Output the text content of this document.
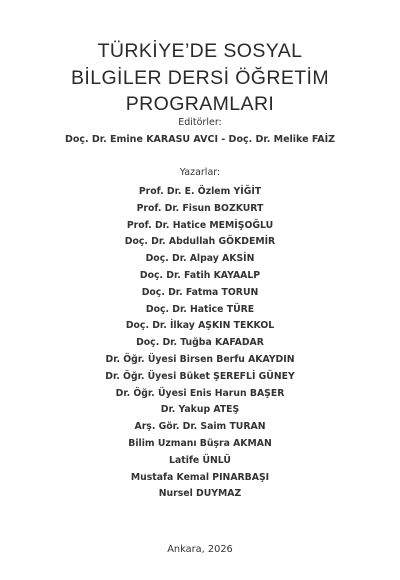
TÜRKİYE’DE SOSYAL
BİLGİLER DERSİ ÖĞRETİM
PROGRAMLARI
Editörler:
Doç. Dr. Emine KARASU AVCI - Doç. Dr. Melike FAİZ
Yazarlar:
Prof. Dr. E. Özlem YİĞİT
Prof. Dr. Fisun BOZKURT
Prof. Dr. Hatice MEMİŞOĞLU
Doç. Dr. Abdullah GÖKDEMİR
Doç. Dr. Alpay AKSİN
Doç. Dr. Fatih KAYAALP
Doç. Dr. Fatma TORUN
Doç. Dr. Hatice TÜRE
Doç. Dr. İlkay AŞKIN TEKKOL
Doç. Dr. Tuğba KAFADAR
Dr. Öğr. Üyesi Birsen Berfu AKAYDIN
Dr. Öğr. Üyesi Büket ŞEREFLİ GÜNEY
Dr. Öğr. Üyesi Enis Harun BAŞER
Dr. Yakup ATEŞ
Arş. Gör. Dr. Saim TURAN
Bilim Uzmanı Büşra AKMAN
Latife ÜNLÜ
Mustafa Kemal PINARBAŞI
Nursel DUYMAZ
Ankara, 2026
